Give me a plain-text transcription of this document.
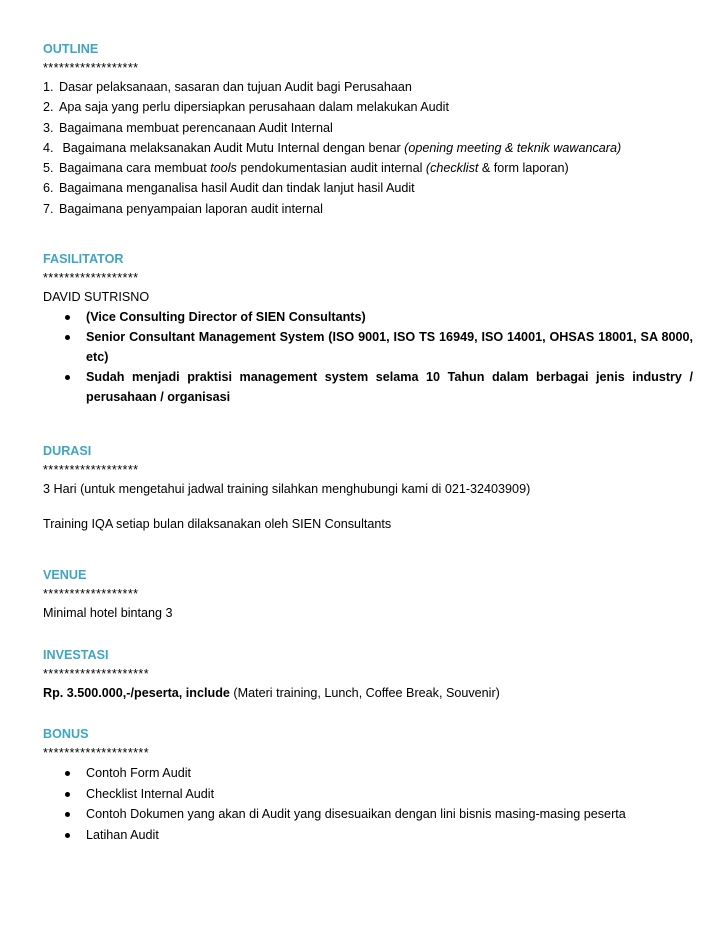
OUTLINE
******************
1. Dasar pelaksanaan, sasaran dan tujuan Audit bagi Perusahaan
2. Apa saja yang perlu dipersiapkan perusahaan dalam melakukan Audit
3. Bagaimana membuat perencanaan Audit Internal
4. Bagaimana melaksanakan Audit Mutu Internal dengan benar (opening meeting & teknik wawancara)
5. Bagaimana cara membuat tools pendokumentasian audit internal (checklist & form laporan)
6. Bagaimana menganalisa hasil Audit dan tindak lanjut hasil Audit
7. Bagaimana penyampaian laporan audit internal
FASILITATOR
******************
DAVID SUTRISNO
(Vice Consulting Director of SIEN Consultants)
Senior Consultant Management System (ISO 9001, ISO TS 16949, ISO 14001, OHSAS 18001, SA 8000,
etc)
Sudah menjadi praktisi management system selama 10 Tahun dalam berbagai jenis industry /
perusahaan / organisasi
DURASI
******************
3 Hari (untuk mengetahui jadwal training silahkan menghubungi kami di 021-32403909)
Training IQA setiap bulan dilaksanakan oleh SIEN Consultants
VENUE
******************
Minimal hotel bintang 3
INVESTASI
********************
Rp. 3.500.000,-/peserta, include (Materi training, Lunch, Coffee Break, Souvenir)
BONUS
********************
Contoh Form Audit
Checklist Internal Audit
Contoh Dokumen yang akan di Audit yang disesuaikan dengan lini bisnis masing-masing peserta
Latihan Audit
